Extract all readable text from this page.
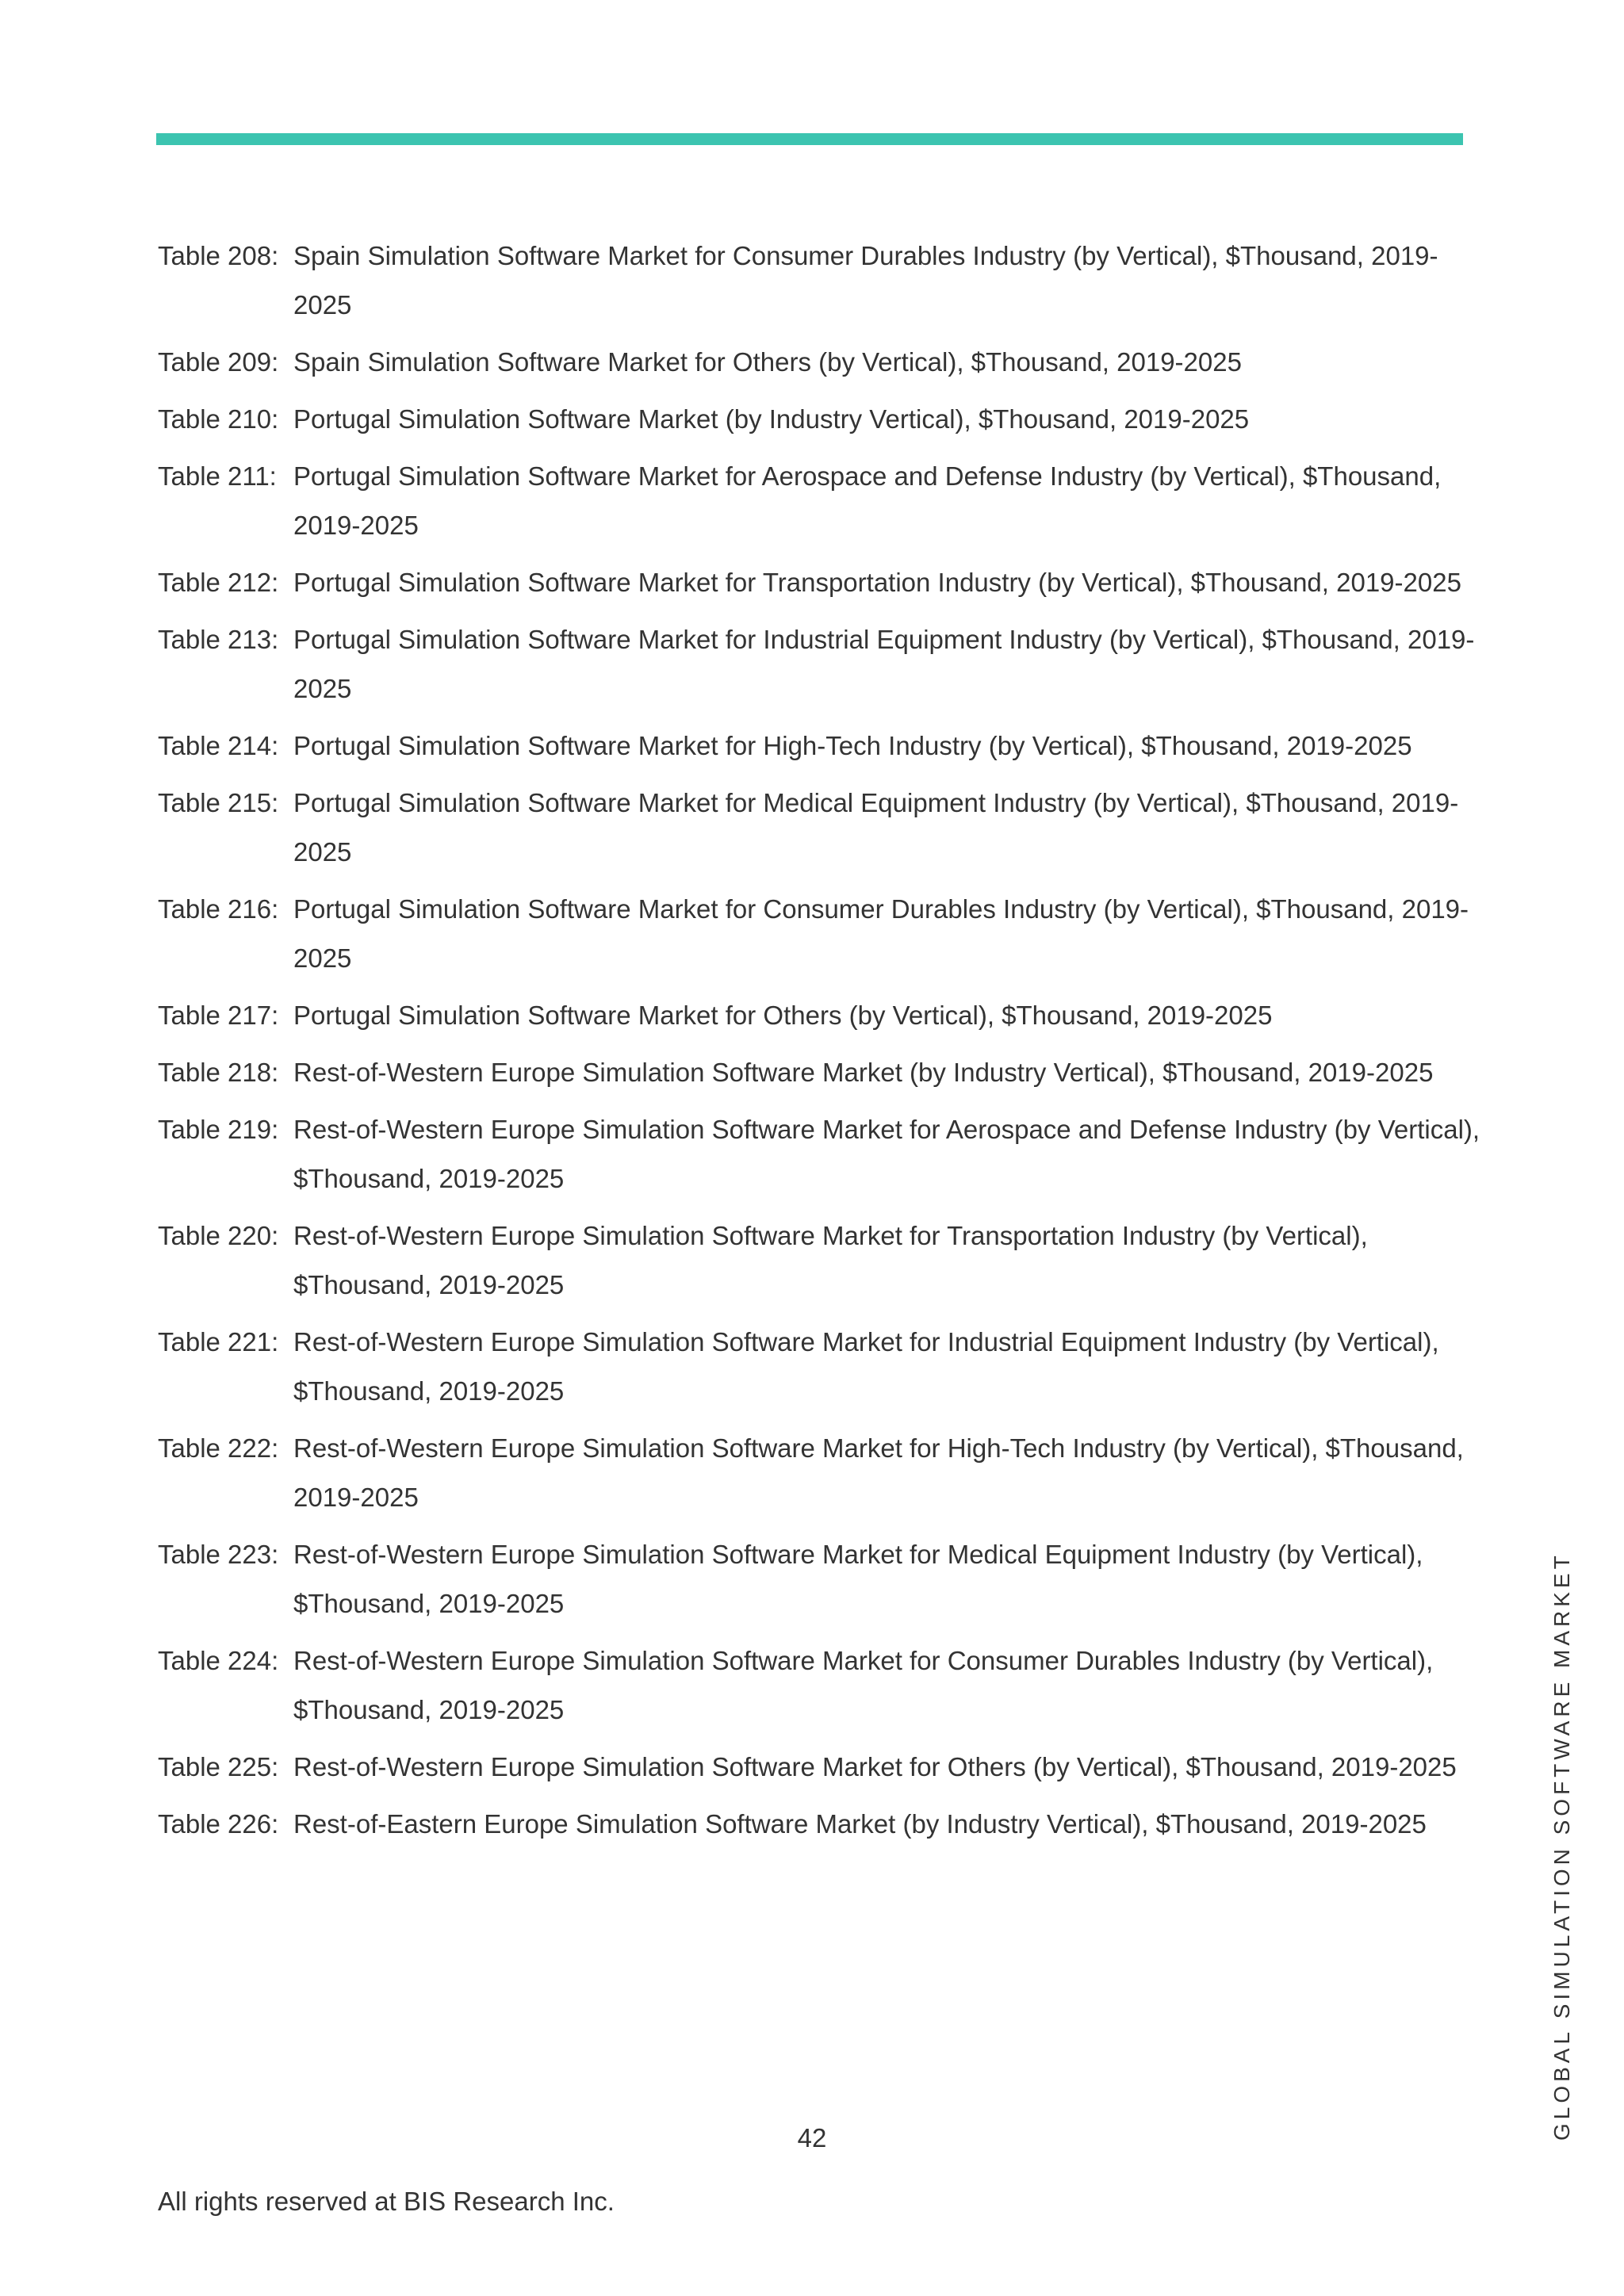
Table 208: Spain Simulation Software Market for Consumer Durables Industry (by Vertical), $Thousand, 2019-2025
Table 209: Spain Simulation Software Market for Others (by Vertical), $Thousand, 2019-2025
Table 210: Portugal Simulation Software Market (by Industry Vertical), $Thousand, 2019-2025
Table 211: Portugal Simulation Software Market for Aerospace and Defense Industry (by Vertical), $Thousand, 2019-2025
Table 212: Portugal Simulation Software Market for Transportation Industry (by Vertical), $Thousand, 2019-2025
Table 213: Portugal Simulation Software Market for Industrial Equipment Industry (by Vertical), $Thousand, 2019-2025
Table 214: Portugal Simulation Software Market for High-Tech Industry (by Vertical), $Thousand, 2019-2025
Table 215: Portugal Simulation Software Market for Medical Equipment Industry (by Vertical), $Thousand, 2019-2025
Table 216: Portugal Simulation Software Market for Consumer Durables Industry (by Vertical), $Thousand, 2019-2025
Table 217: Portugal Simulation Software Market for Others (by Vertical), $Thousand, 2019-2025
Table 218: Rest-of-Western Europe Simulation Software Market (by Industry Vertical), $Thousand, 2019-2025
Table 219: Rest-of-Western Europe Simulation Software Market for Aerospace and Defense Industry (by Vertical), $Thousand, 2019-2025
Table 220: Rest-of-Western Europe Simulation Software Market for Transportation Industry (by Vertical), $Thousand, 2019-2025
Table 221: Rest-of-Western Europe Simulation Software Market for Industrial Equipment Industry (by Vertical), $Thousand, 2019-2025
Table 222: Rest-of-Western Europe Simulation Software Market for High-Tech Industry (by Vertical), $Thousand, 2019-2025
Table 223: Rest-of-Western Europe Simulation Software Market for Medical Equipment Industry (by Vertical), $Thousand, 2019-2025
Table 224: Rest-of-Western Europe Simulation Software Market for Consumer Durables Industry (by Vertical), $Thousand, 2019-2025
Table 225: Rest-of-Western Europe Simulation Software Market for Others (by Vertical), $Thousand, 2019-2025
Table 226: Rest-of-Eastern Europe Simulation Software Market (by Industry Vertical), $Thousand, 2019-2025
42
All rights reserved at BIS Research Inc.
GLOBAL SIMULATION SOFTWARE MARKET
